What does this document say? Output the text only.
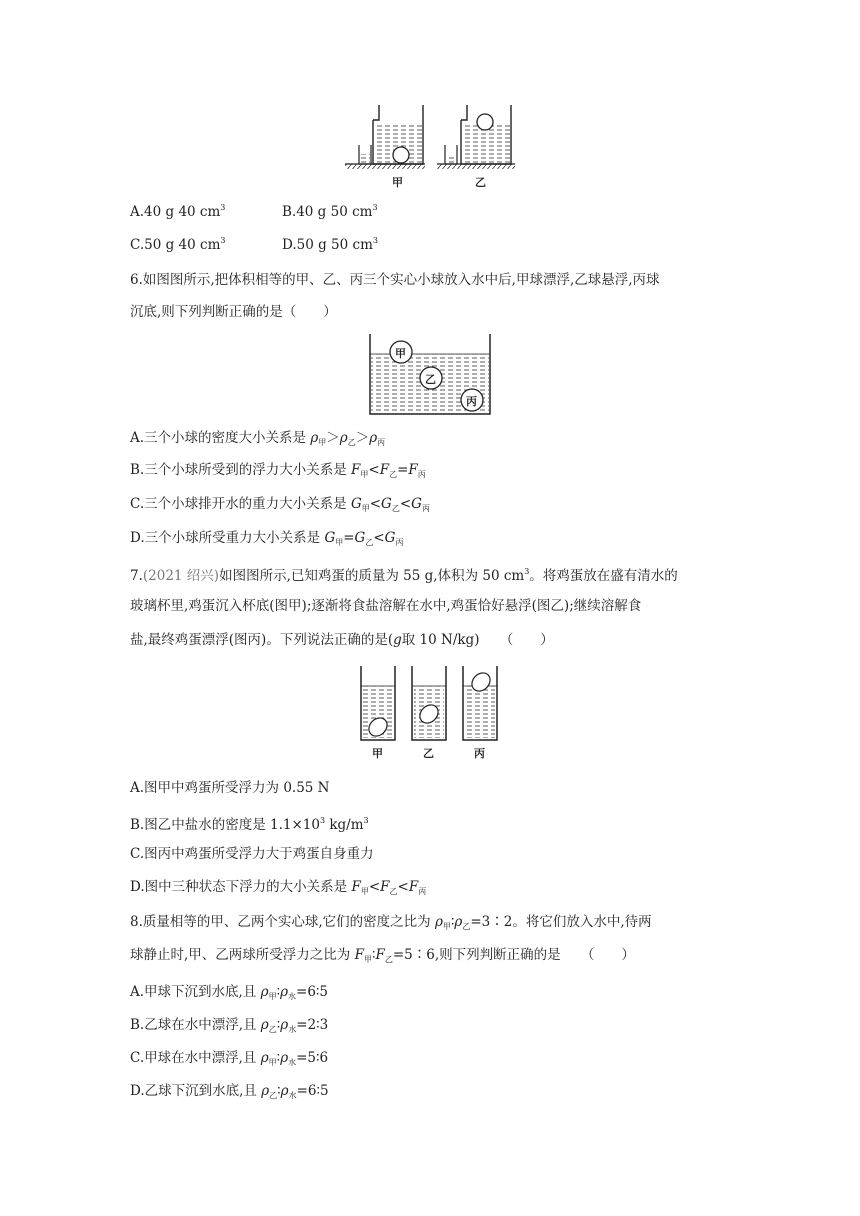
甲	乙
A.40 g 40 $cm^3$	B.40 g 50 $cm^3$
C.50 g 40 $cm^3$	D.50 g 50 $cm^3$
6.如图图所示,把体积相等的甲、乙、丙三个实心小球放入水中后,甲球漂浮,乙球悬浮,丙球
沉底,则下列判断正确的是（　　）
甲
乙
丙
A.三个小球的密度大小关系是 $\rho_甲>\rho_乙>\rho_丙$
B.三个小球所受到的浮力大小关系是 $F_甲<F_乙=F_丙$
C.三个小球排开水的重力大小关系是 $G_甲<G_乙<G_丙$
D.三个小球所受重力大小关系是 $G_甲=G_乙<G_丙$
7.(2021 绍兴)如图图所示,已知鸡蛋的质量为 55 g,体积为 50 $cm^3$。将鸡蛋放在盛有清水的
玻璃杯里,鸡蛋沉入杯底(图甲);逐渐将食盐溶解在水中,鸡蛋恰好悬浮(图乙);继续溶解食
盐,最终鸡蛋漂浮(图丙)。下列说法正确的是(g取 10 N/kg)　　（　　）
甲	乙	丙
A.图甲中鸡蛋所受浮力为 0.55 N
B.图乙中盐水的密度是 $1.1\times 10^3$ $kg/m^3$
C.图丙中鸡蛋所受浮力大于鸡蛋自身重力
D.图中三种状态下浮力的大小关系是 $F_甲<F_乙<F_丙$
8.质量相等的甲、乙两个实心球,它们的密度之比为 $\rho_甲∶\rho_乙=3∶2$。将它们放入水中,待两
球静止时,甲、乙两球所受浮力之比为 $F_甲∶F_乙=5∶6$,则下列判断正确的是　　（　　）
A.甲球下沉到水底,且 $\rho_甲∶\rho_水=6∶5$
B.乙球在水中漂浮,且 $\rho_乙∶\rho_水=2∶3$
C.甲球在水中漂浮,且 $\rho_甲∶\rho_水=5∶6$
D.乙球下沉到水底,且 $\rho_乙∶\rho_水=6∶5$
